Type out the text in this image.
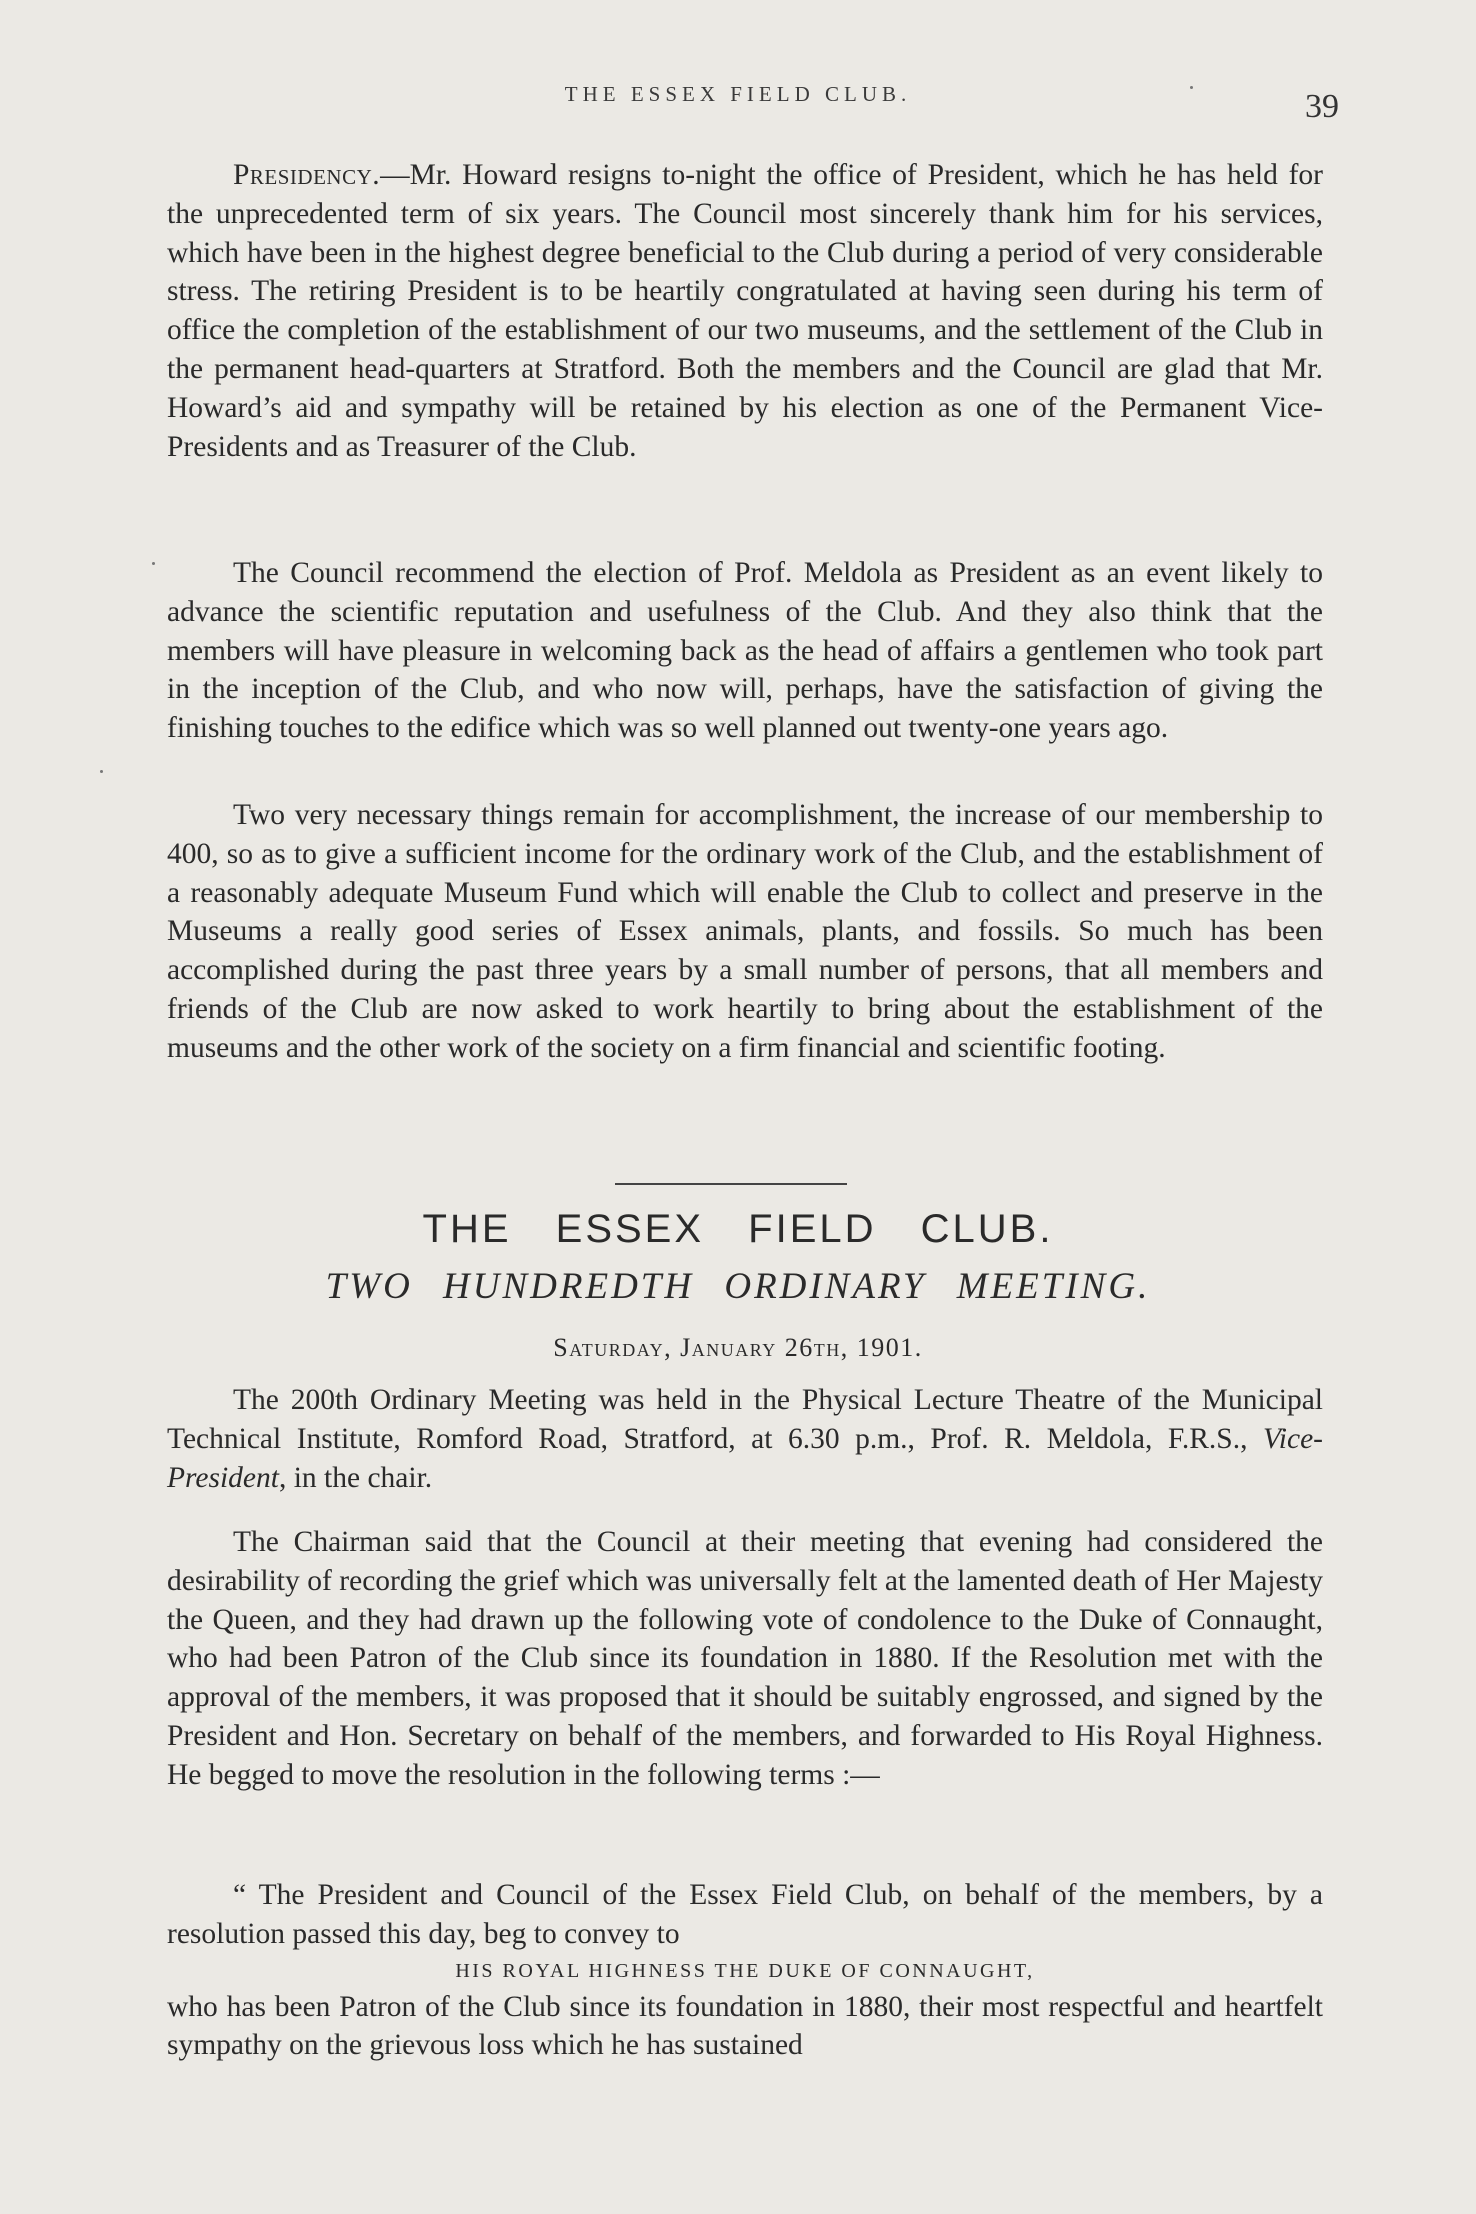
THE ESSEX FIELD CLUB.	39

Presidency.—Mr. Howard resigns to-night the office of President, which he has held for the unprecedented term of six years. The Council most sincerely thank him for his services, which have been in the highest degree beneficial to the Club during a period of very considerable stress. The retiring President is to be heartily congratulated at having seen during his term of office the completion of the establishment of our two museums, and the settlement of the Club in the permanent head-quarters at Stratford. Both the members and the Council are glad that Mr. Howard’s aid and sympathy will be retained by his election as one of the Permanent Vice-Presidents and as Treasurer of the Club.

The Council recommend the election of Prof. Meldola as President as an event likely to advance the scientific reputation and usefulness of the Club. And they also think that the members will have pleasure in welcoming back as the head of affairs a gentlemen who took part in the inception of the Club, and who now will, perhaps, have the satisfaction of giving the finishing touches to the edifice which was so well planned out twenty-one years ago.

Two very necessary things remain for accomplishment, the increase of our membership to 400, so as to give a sufficient income for the ordinary work of the Club, and the establishment of a reasonably adequate Museum Fund which will enable the Club to collect and preserve in the Museums a really good series of Essex animals, plants, and fossils. So much has been accomplished during the past three years by a small number of persons, that all members and friends of the Club are now asked to work heartily to bring about the establishment of the museums and the other work of the society on a firm financial and scientific footing.

THE ESSEX FIELD CLUB.
TWO HUNDREDTH ORDINARY MEETING.
Saturday, January 26th, 1901.

The 200th Ordinary Meeting was held in the Physical Lecture Theatre of the Municipal Technical Institute, Romford Road, Stratford, at 6.30 p.m., Prof. R. Meldola, F.R.S., Vice-President, in the chair.

The Chairman said that the Council at their meeting that evening had considered the desirability of recording the grief which was universally felt at the lamented death of Her Majesty the Queen, and they had drawn up the following vote of condolence to the Duke of Connaught, who had been Patron of the Club since its foundation in 1880. If the Resolution met with the approval of the members, it was proposed that it should be suitably engrossed, and signed by the President and Hon. Secretary on behalf of the members, and forwarded to His Royal Highness. He begged to move the resolution in the following terms :—

“ The President and Council of the Essex Field Club, on behalf of the members, by a resolution passed this day, beg to convey to

HIS ROYAL HIGHNESS THE DUKE OF CONNAUGHT,

who has been Patron of the Club since its foundation in 1880, their most respectful and heartfelt sympathy on the grievous loss which he has sustained
